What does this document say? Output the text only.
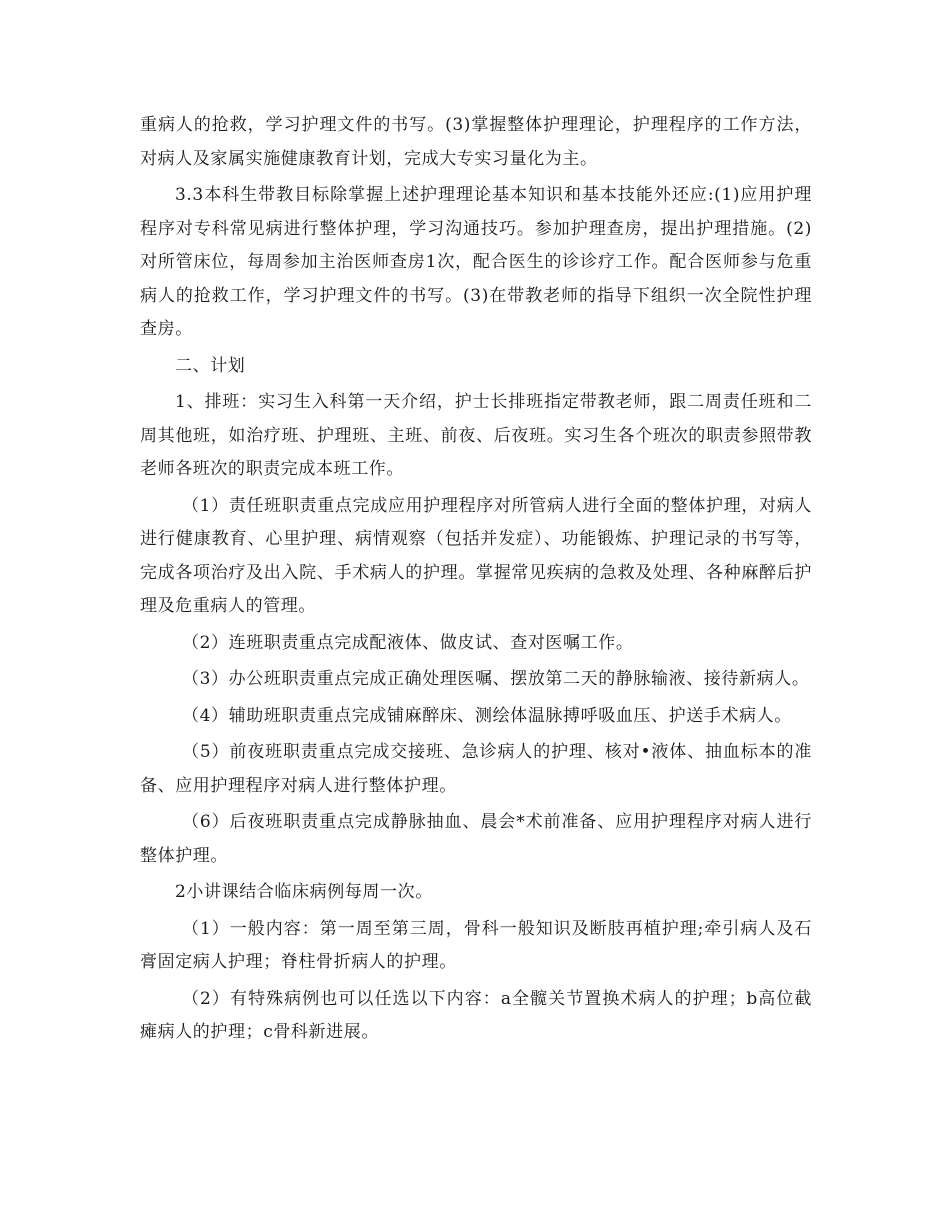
重病人的抢救，学习护理文件的书写。(3)掌握整体护理理论，护理程序的工作方法，对病人及家属实施健康教育计划，完成大专实习量化为主。

3.3本科生带教目标除掌握上述护理理论基本知识和基本技能外还应:(1)应用护理程序对专科常见病进行整体护理，学习沟通技巧。参加护理查房，提出护理措施。(2)对所管床位，每周参加主治医师查房1次，配合医生的诊诊疗工作。配合医师参与危重病人的抢救工作，学习护理文件的书写。(3)在带教老师的指导下组织一次全院性护理查房。

二、计划

1、排班：实习生入科第一天介绍，护士长排班指定带教老师，跟二周责任班和二周其他班，如治疗班、护理班、主班、前夜、后夜班。实习生各个班次的职责参照带教老师各班次的职责完成本班工作。

（1）责任班职责重点完成应用护理程序对所管病人进行全面的整体护理，对病人进行健康教育、心里护理、病情观察（包括并发症）、功能锻炼、护理记录的书写等，完成各项治疗及出入院、手术病人的护理。掌握常见疾病的急救及处理、各种麻醉后护理及危重病人的管理。

（2）连班职责重点完成配液体、做皮试、查对医嘱工作。

（3）办公班职责重点完成正确处理医嘱、摆放第二天的静脉输液、接待新病人。

（4）辅助班职责重点完成铺麻醉床、测绘体温脉搏呼吸血压、护送手术病人。

（5）前夜班职责重点完成交接班、急诊病人的护理、核对•液体、抽血标本的准备、应用护理程序对病人进行整体护理。

（6）后夜班职责重点完成静脉抽血、晨会*术前准备、应用护理程序对病人进行整体护理。

2小讲课结合临床病例每周一次。

（1）一般内容：第一周至第三周，骨科一般知识及断肢再植护理;牵引病人及石膏固定病人护理；脊柱骨折病人的护理。

（2）有特殊病例也可以任选以下内容：a全髋关节置换术病人的护理；b高位截瘫病人的护理；c骨科新进展。
